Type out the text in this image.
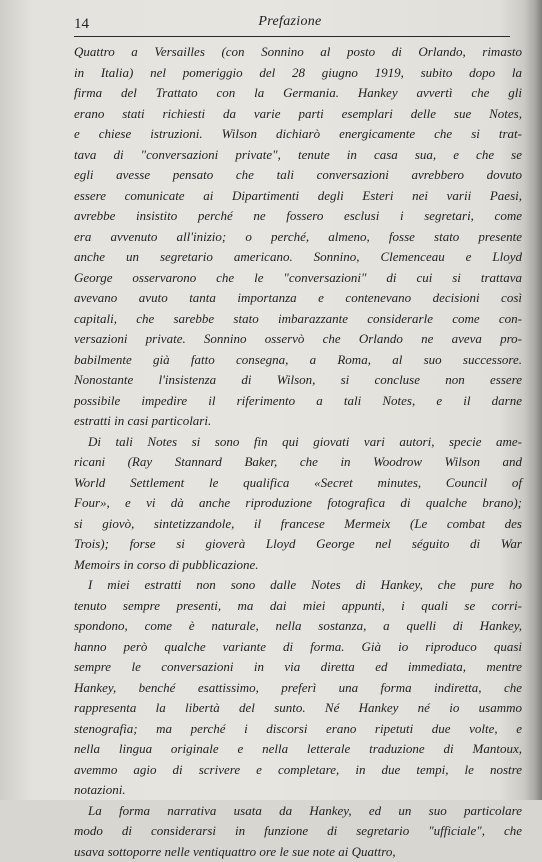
14	Prefazione
Quattro a Versailles (con Sonnino al posto di Orlando, rimasto
in Italia) nel pomeriggio del 28 giugno 1919, subito dopo la
firma del Trattato con la Germania. Hankey avvertì che gli
erano stati richiesti da varie parti esemplari delle sue Notes,
e chiese istruzioni. Wilson dichiarò energicamente che si trat-
tava di "conversazioni private", tenute in casa sua, e che se
egli avesse pensato che tali conversazioni avrebbero dovuto
essere comunicate ai Dipartimenti degli Esteri nei varii Paesi,
avrebbe insistito perché ne fossero esclusi i segretari, come
era avvenuto all'inizio; o perché, almeno, fosse stato presente
anche un segretario americano. Sonnino, Clemenceau e Lloyd
George osservarono che le "conversazioni" di cui si trattava
avevano avuto tanta importanza e contenevano decisioni così
capitali, che sarebbe stato imbarazzante considerarle come con-
versazioni private. Sonnino osservò che Orlando ne aveva pro-
babilmente già fatto consegna, a Roma, al suo successore.
Nonostante l'insistenza di Wilson, si concluse non essere
possibile impedire il riferimento a tali Notes, e il darne
estratti in casi particolari.
Di tali Notes si sono fin qui giovati vari autori, specie ame-
ricani (Ray Stannard Baker, che in Woodrow Wilson and
World Settlement le qualifica «Secret minutes, Council of
Four», e vi dà anche riproduzione fotografica di qualche brano);
si giovò, sintetizzandole, il francese Mermeix (Le combat des
Trois); forse si gioverà Lloyd George nel séguito di War
Memoirs in corso di pubblicazione.
I miei estratti non sono dalle Notes di Hankey, che pure ho
tenuto sempre presenti, ma dai miei appunti, i quali se corri-
spondono, come è naturale, nella sostanza, a quelli di Hankey,
hanno però qualche variante di forma. Già io riproduco quasi
sempre le conversazioni in via diretta ed immediata, mentre
Hankey, benché esattissimo, preferì una forma indiretta, che
rappresenta la libertà del sunto. Né Hankey né io usammo
stenografia; ma perché i discorsi erano ripetuti due volte, e
nella lingua originale e nella letterale traduzione di Mantoux,
avemmo agio di scrivere e completare, in due tempi, le nostre
notazioni.
La forma narrativa usata da Hankey, ed un suo particolare
modo di considerarsi in funzione di segretario "ufficiale", che
usava sottoporre nelle ventiquattro ore le sue note ai Quattro,
